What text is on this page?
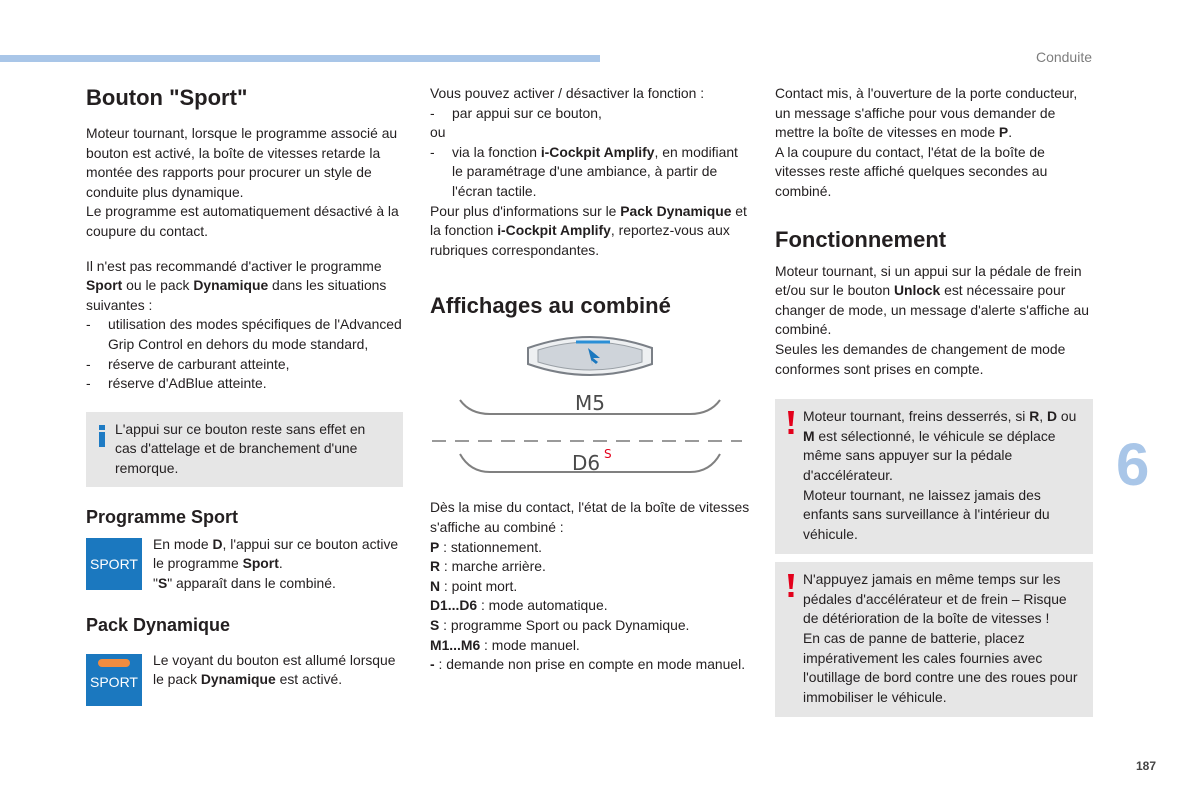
Conduite
6
187
Bouton "Sport"

Moteur tournant, lorsque le programme associé au bouton est activé, la boîte de vitesses retarde la montée des rapports pour procurer un style de conduite plus dynamique.

Le programme est automatiquement désactivé à la coupure du contact.

Il n'est pas recommandé d'activer le programme Sport ou le pack Dynamique dans les situations suivantes :

- utilisation des modes spécifiques de l'Advanced Grip Control en dehors du mode standard,
- réserve de carburant atteinte,
- réserve d'AdBlue atteinte.

L'appui sur ce bouton reste sans effet en cas d'attelage et de branchement d'une remorque.

Programme Sport
SPORT

En mode D, l'appui sur ce bouton active le programme Sport.
"S" apparaît dans le combiné.

Pack Dynamique
SPORT

Le voyant du bouton est allumé lorsque le pack Dynamique est activé.

Vous pouvez activer / désactiver la fonction :

- par appui sur ce bouton,

ou

- via la fonction i-Cockpit Amplify, en modifiant le paramétrage d'une ambiance, à partir de l'écran tactile.

Pour plus d'informations sur le Pack Dynamique et la fonction i-Cockpit Amplify, reportez-vous aux rubriques correspondantes.

Affichages au combiné
M5
D6 S

Dès la mise du contact, l'état de la boîte de vitesses s'affiche au combiné :

P : stationnement.

R : marche arrière.

N : point mort.

D1...D6 : mode automatique.

S : programme Sport ou pack Dynamique.

M1...M6 : mode manuel.

- : demande non prise en compte en mode manuel.

Contact mis, à l'ouverture de la porte conducteur, un message s'affiche pour vous demander de mettre la boîte de vitesses en mode P.

A la coupure du contact, l'état de la boîte de vitesses reste affiché quelques secondes au combiné.

Fonctionnement

Moteur tournant, si un appui sur la pédale de frein et/ou sur le bouton Unlock est nécessaire pour changer de mode, un message d'alerte s'affiche au combiné.

Seules les demandes de changement de mode conformes sont prises en compte.

Moteur tournant, freins desserrés, si R, D ou M est sélectionné, le véhicule se déplace même sans appuyer sur la pédale d'accélérateur.

Moteur tournant, ne laissez jamais des enfants sans surveillance à l'intérieur du véhicule.

N'appuyez jamais en même temps sur les pédales d'accélérateur et de frein – Risque de détérioration de la boîte de vitesses !

En cas de panne de batterie, placez impérativement les cales fournies avec l'outillage de bord contre une des roues pour immobiliser le véhicule.
